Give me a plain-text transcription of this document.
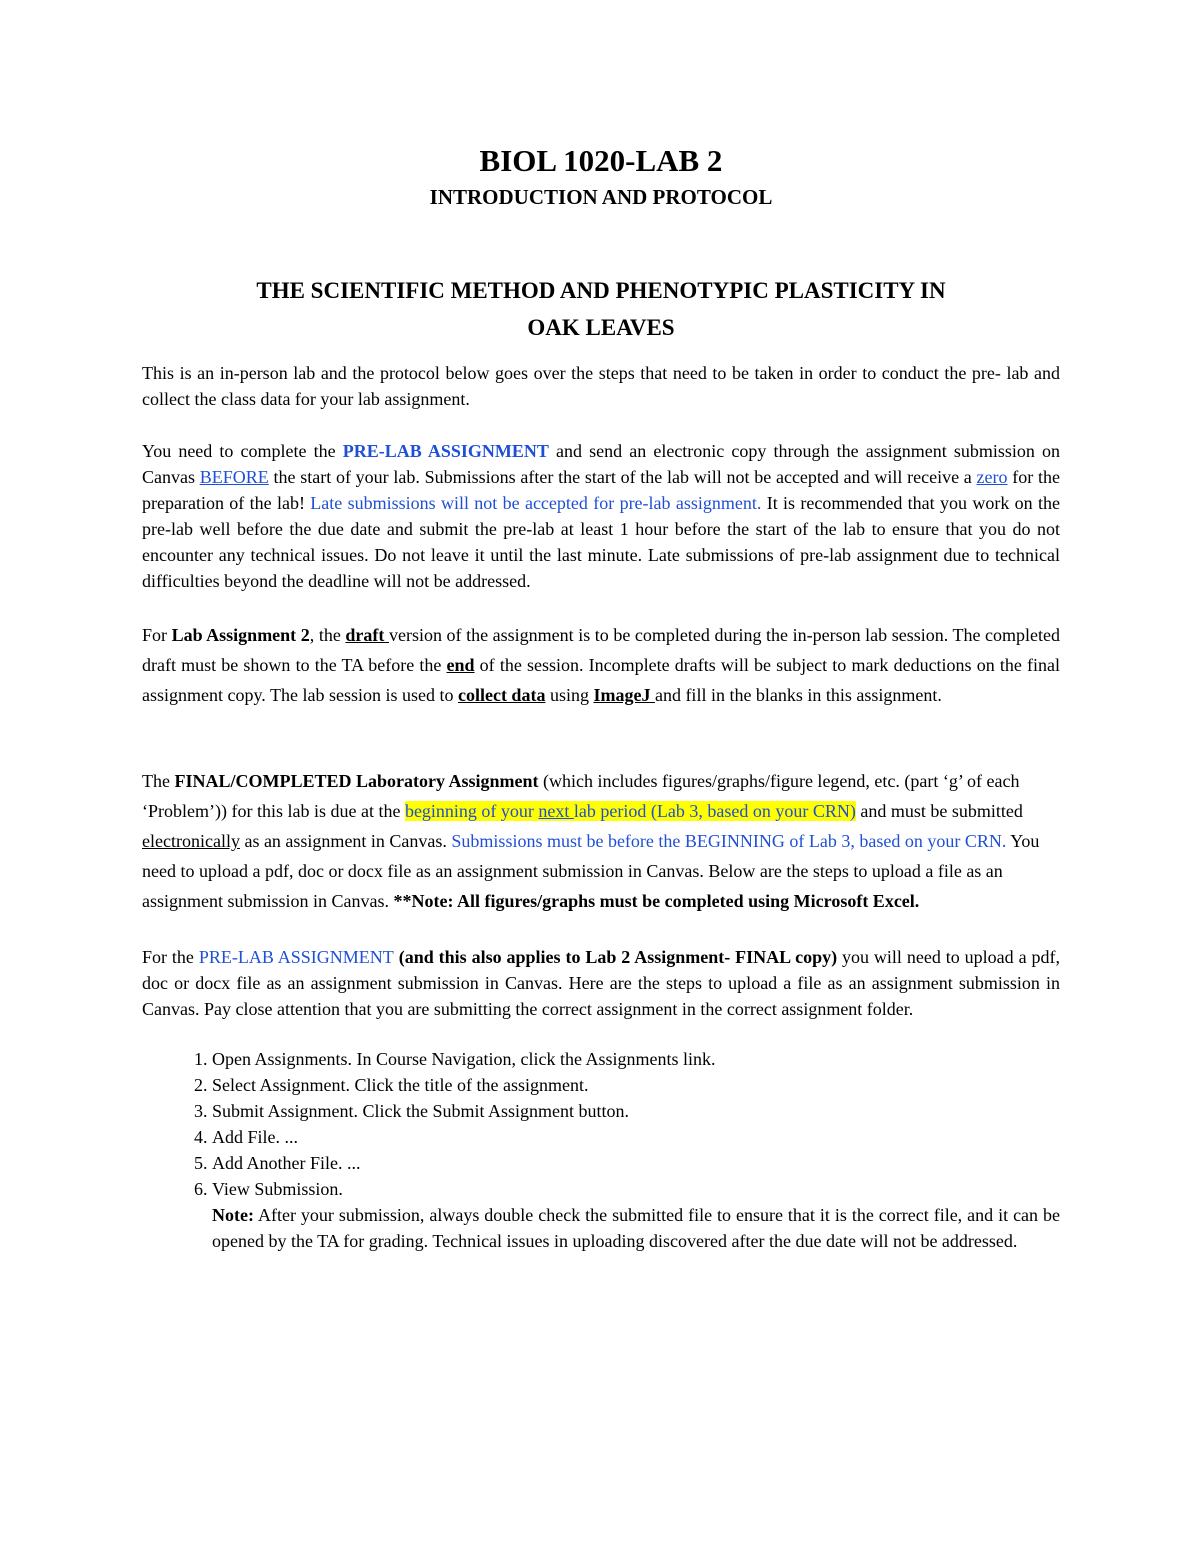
BIOL 1020-LAB 2
INTRODUCTION AND PROTOCOL
THE SCIENTIFIC METHOD AND PHENOTYPIC PLASTICITY IN
OAK LEAVES

This is an in-person lab and the protocol below goes over the steps that need to be taken in order to conduct the pre- lab and collect the class data for your lab assignment.

You need to complete the PRE-LAB ASSIGNMENT and send an electronic copy through the assignment submission on Canvas BEFORE the start of your lab. Submissions after the start of the lab will not be accepted and will receive a zero for the preparation of the lab! Late submissions will not be accepted for pre-lab assignment. It is recommended that you work on the pre-lab well before the due date and submit the pre-lab at least 1 hour before the start of the lab to ensure that you do not encounter any technical issues. Do not leave it until the last minute. Late submissions of pre-lab assignment due to technical difficulties beyond the deadline will not be addressed.

For Lab Assignment 2, the draft version of the assignment is to be completed during the in-person lab session. The completed draft must be shown to the TA before the end of the session. Incomplete drafts will be subject to mark deductions on the final assignment copy. The lab session is used to collect data using ImageJ and fill in the blanks in this assignment.

The FINAL/COMPLETED Laboratory Assignment (which includes figures/graphs/figure legend, etc. (part ‘g’ of each ‘Problem’)) for this lab is due at the beginning of your next lab period (Lab 3, based on your CRN) and must be submitted electronically as an assignment in Canvas. Submissions must be before the BEGINNING of Lab 3, based on your CRN. You need to upload a pdf, doc or docx file as an assignment submission in Canvas. Below are the steps to upload a file as an assignment submission in Canvas. **Note: All figures/graphs must be completed using Microsoft Excel.

For the PRE-LAB ASSIGNMENT (and this also applies to Lab 2 Assignment- FINAL copy) you will need to upload a pdf, doc or docx file as an assignment submission in Canvas. Here are the steps to upload a file as an assignment submission in Canvas. Pay close attention that you are submitting the correct assignment in the correct assignment folder.

1. Open Assignments. In Course Navigation, click the Assignments link.
2. Select Assignment. Click the title of the assignment.
3. Submit Assignment. Click the Submit Assignment button.
4. Add File. ...
5. Add Another File. ...
6. View Submission.
Note: After your submission, always double check the submitted file to ensure that it is the correct file, and it can be opened by the TA for grading. Technical issues in uploading discovered after the due date will not be addressed.
